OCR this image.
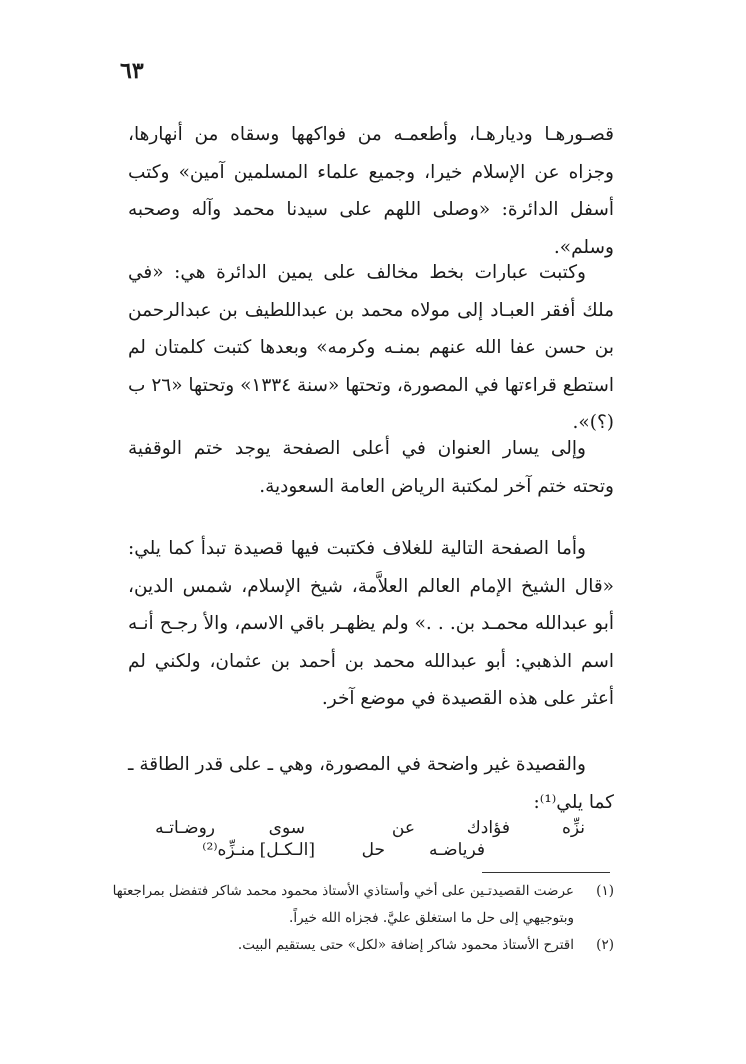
٦٣
قصـورهـا وديارهـا، وأطعمـه من فواكهها وسقاه من أنهارها، وجزاه عن الإسلام خيرا، وجميع علماء المسلمين آمين» وكتب أسفل الدائرة: «وصلى اللهم على سيدنا محمد وآله وصحبه وسلم».
وكتبت عبارات بخط مخالف على يمين الدائرة هي: «في ملك أفقر العبـاد إلى مولاه محمد بن عبداللطيف بن عبدالرحمن بن حسن عفا الله عنهم بمنـه وكرمه» وبعدها كتبت كلمتان لم استطع قراءتها في المصورة، وتحتها «سنة ١٣٣٤» وتحتها «٢٦ ب (؟)».
وإلى يسار العنوان في أعلى الصفحة يوجد ختم الوقفية وتحته ختم آخر لمكتبة الرياض العامة السعودية.
وأما الصفحة التالية للغلاف فكتبت فيها قصيدة تبدأ كما يلي: «قال الشيخ الإمام العالم العلاَّمة، شيخ الإسلام، شمس الدين، أبو عبدالله محمـد بن. . .» ولم يظهـر باقي الاسم، والأ رجـح أنـه اسم الذهبي: أبو عبدالله محمد بن أحمد بن عثمان، ولكني لم أعثر على هذه القصيدة في موضع آخر.
والقصيدة غير واضحة في المصورة، وهي ـ على قدر الطاقة ـ كما يلي⁽¹⁾:
نزِّه
فؤادك
عن
سوى
روضـاتـه
فرياضـه
حل
[الـكـل]
منـزِّه⁽²⁾
(١)
عرضت القصيدتـين على أخي وأستاذي الأستاذ محمود محمد شاكر فتفضل بمراجعتها
وبتوجيهي إلى حل ما استغلق عليَّ. فجزاه الله خيراً.
(٢)
اقترح الأستاذ محمود شاكر إضافة «لكل» حتى يستقيم البيت.
